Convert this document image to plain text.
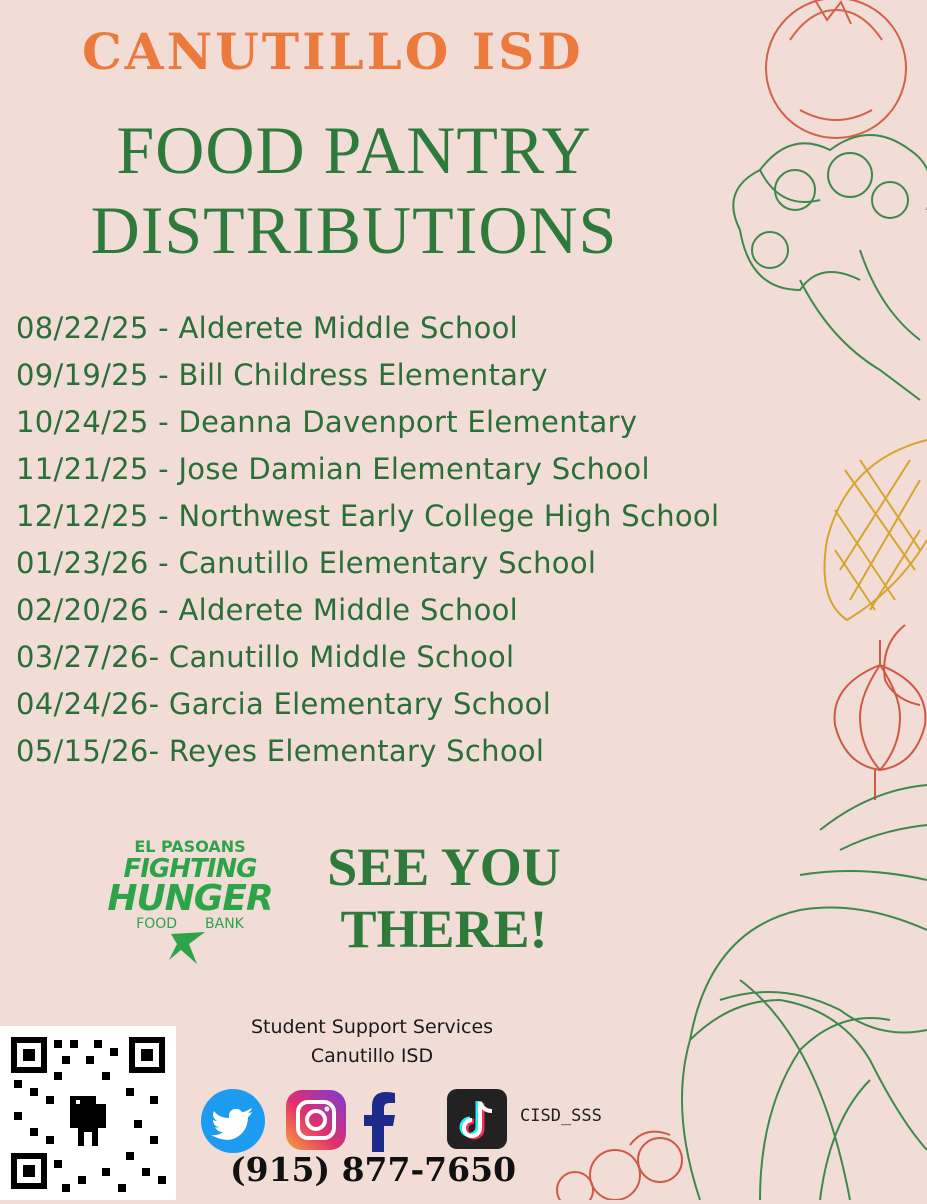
CANUTILLO ISD
FOOD PANTRY
DISTRIBUTIONS
08/22/25 - Alderete Middle School
09/19/25 - Bill Childress Elementary
10/24/25 - Deanna Davenport Elementary
11/21/25 - Jose Damian Elementary School
12/12/25 - Northwest Early College High School
01/23/26 - Canutillo Elementary School
02/20/26 - Alderete Middle School
03/27/26- Canutillo Middle School
04/24/26- Garcia Elementary School
05/15/26- Reyes Elementary School
EL PASOANS
FIGHTING
HUNGER
FOOD BANK
SEE YOU
THERE!
Student Support Services
Canutillo ISD
CISD_SSS
(915) 877-7650
